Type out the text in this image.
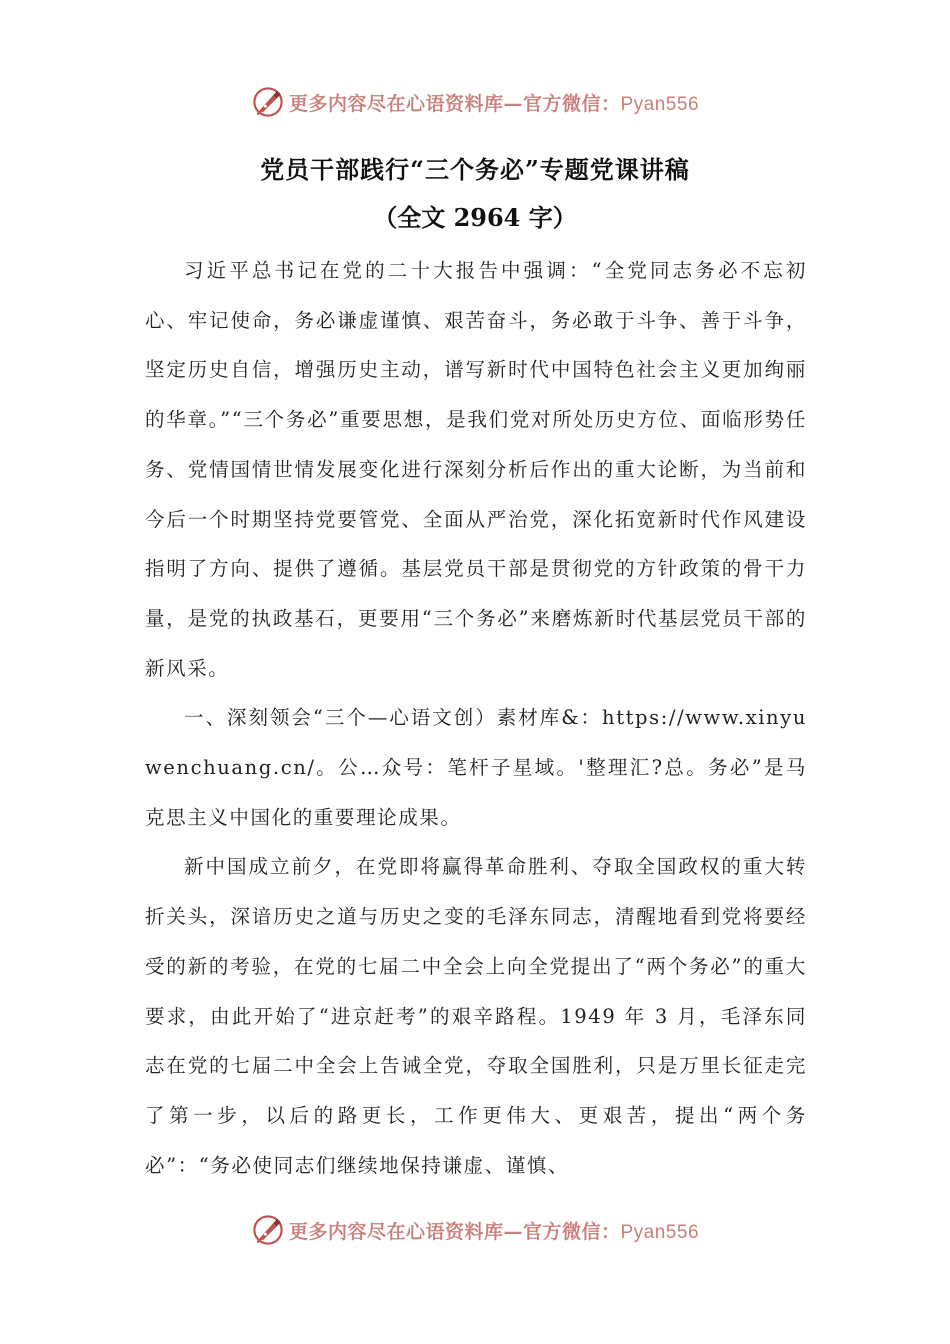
更多内容尽在心语资料库—官方微信：Pyan556
党员干部践行“三个务必”专题党课讲稿
（全文 2964 字）

习近平总书记在党的二十大报告中强调：“全党同志务必不忘初心、牢记使命，务必谦虚谨慎、艰苦奋斗，务必敢于斗争、善于斗争，坚定历史自信，增强历史主动，谱写新时代中国特色社会主义更加绚丽的华章。”“三个务必”重要思想，是我们党对所处历史方位、面临形势任务、党情国情世情发展变化进行深刻分析后作出的重大论断，为当前和今后一个时期坚持党要管党、全面从严治党，深化拓宽新时代作风建设指明了方向、提供了遵循。基层党员干部是贯彻党的方针政策的骨干力量，是党的执政基石，更要用“三个务必”来磨炼新时代基层党员干部的新风采。

一、深刻领会“三个—心语文创）素材库&：https://www.xinyuwenchuang.cn/。公…众号：笔杆子星域。'整理汇?总。务必”是马克思主义中国化的重要理论成果。

新中国成立前夕，在党即将赢得革命胜利、夺取全国政权的重大转折关头，深谙历史之道与历史之变的毛泽东同志，清醒地看到党将要经受的新的考验，在党的七届二中全会上向全党提出了“两个务必”的重大要求，由此开始了“进京赶考”的艰辛路程。1949 年 3 月，毛泽东同志在党的七届二中全会上告诫全党，夺取全国胜利，只是万里长征走完了第一步，以后的路更长，工作更伟大、更艰苦，提出“两个务必”：“务必使同志们继续地保持谦虚、谨慎、

更多内容尽在心语资料库—官方微信：Pyan556
